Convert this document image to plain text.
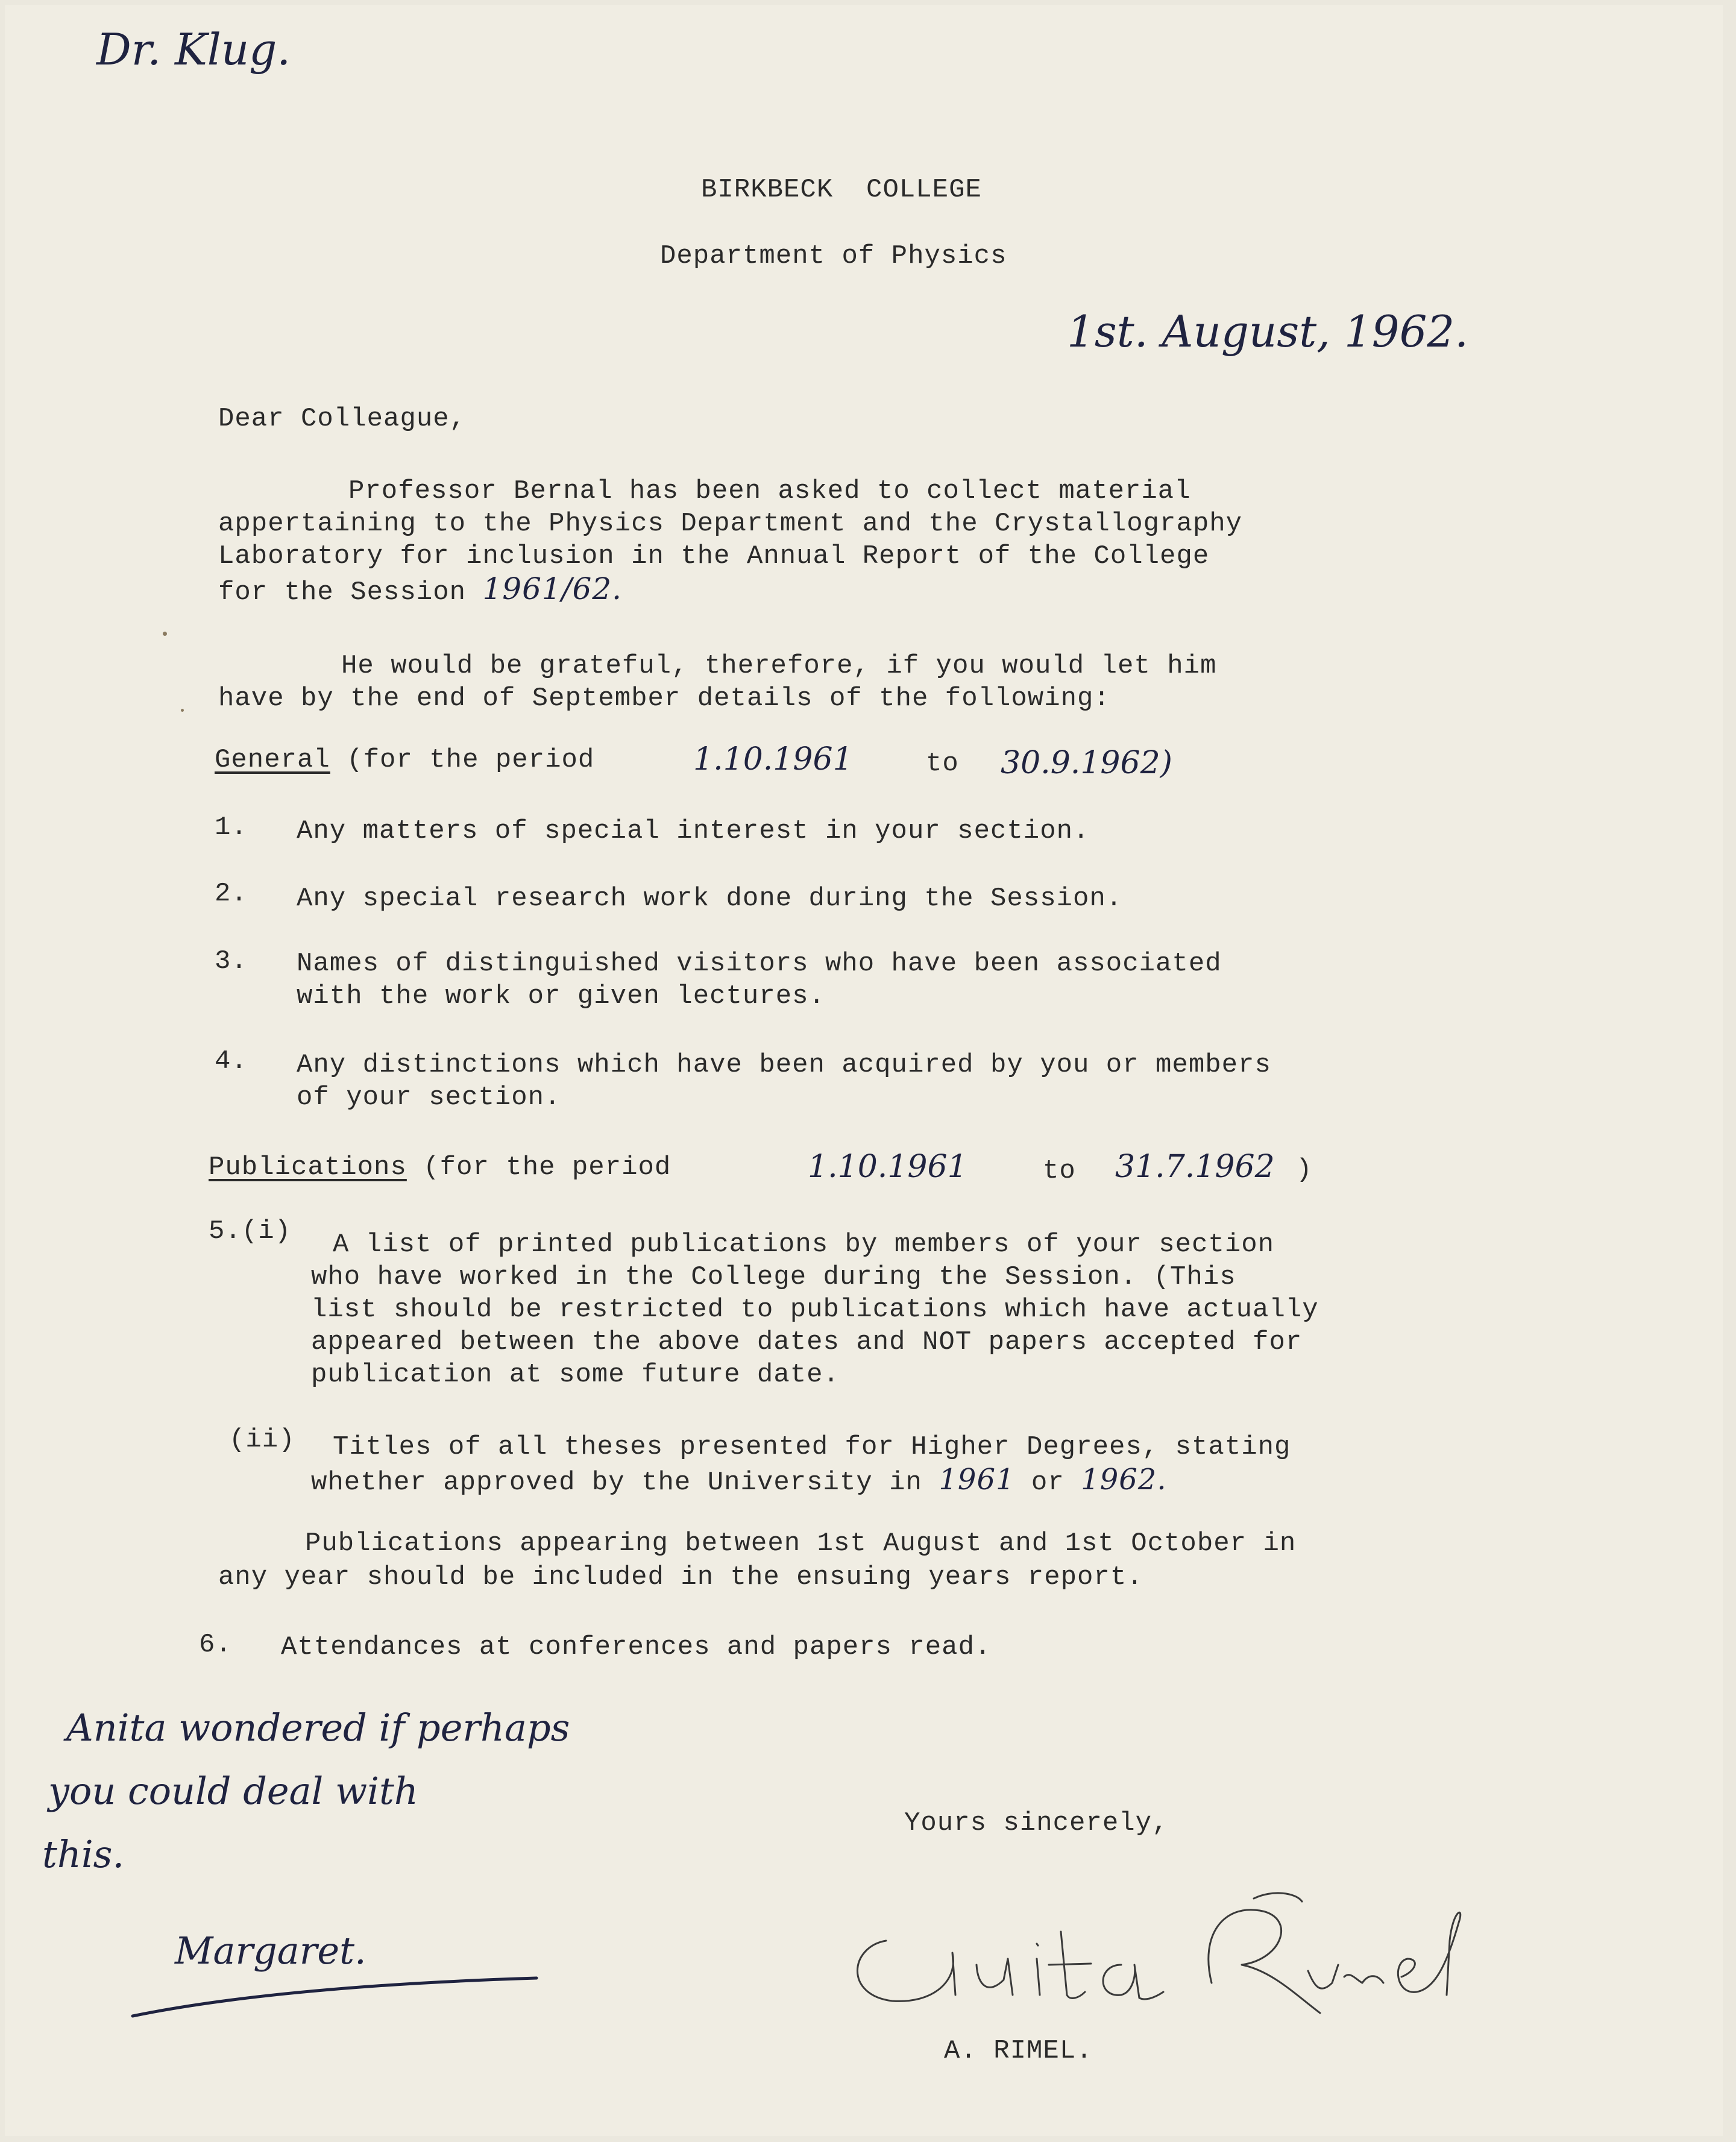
Dr. Klug.
BIRKBECK  COLLEGE
Department of Physics
1st. August, 1962.
Dear Colleague,
Professor Bernal has been asked to collect material
appertaining to the Physics Department and the Crystallography
Laboratory for inclusion in the Annual Report of the College
for the Session 1961/62.
He would be grateful, therefore, if you would let him
have by the end of September details of the following:
General (for the period	1.10.1961	to 30.9.1962)
1. Any matters of special interest in your section.
2. Any special research work done during the Session.
3. Names of distinguished visitors who have been associated
with the work or given lectures.
4. Any distinctions which have been acquired by you or members
of your section.
Publications (for the period	1.10.1961	to 31.7.1962 )
5.(i) A list of printed publications by members of your section
who have worked in the College during the Session. (This
list should be restricted to publications which have actually
appeared between the above dates and NOT papers accepted for
publication at some future date.
(ii) Titles of all theses presented for Higher Degrees, stating
whether approved by the University in 1961 or 1962.
Publications appearing between 1st August and 1st October in
any year should be included in the ensuing years report.
6. Attendances at conferences and papers read.
Anita wondered if perhaps
you could deal with
this.
Margaret.
Yours sincerely,
A. RIMEL.
